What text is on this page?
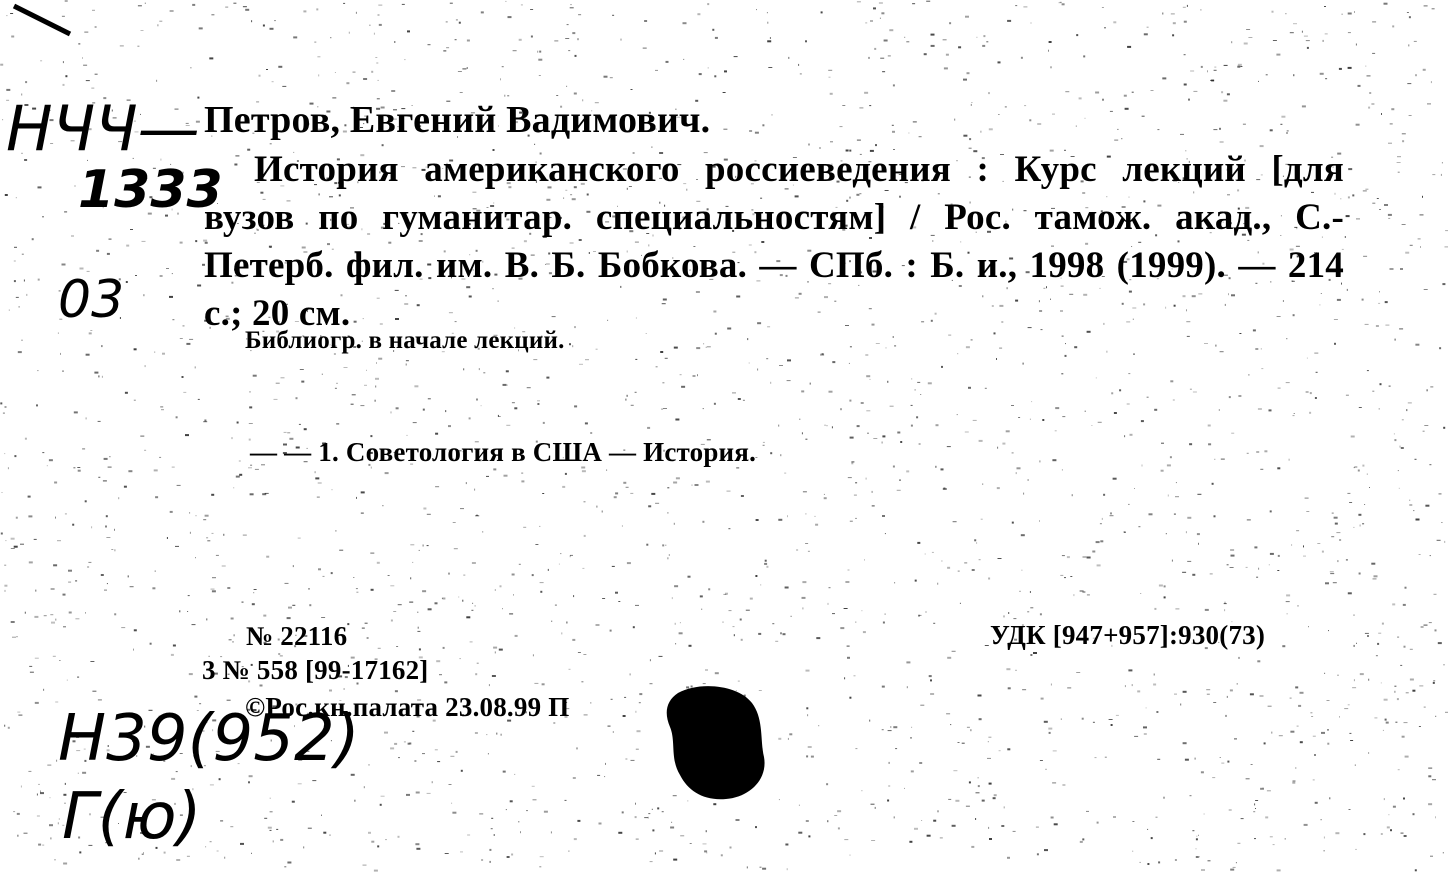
НЧЧ—
1333
03
Петров, Евгений Вадимович.
История американского россиеведения : Курс лекций [для вузов по гуманитар. специальностям] / Рос. тамож. акад., С.-Петерб. фил. им. В. Б. Бобкова. — СПб. : Б. и., 1998 (1999). — 214 с.; 20 см.
Библиогр. в начале лекций.
— — 1. Советология в США — История.
№ 22116
3 № 558 [99-17162]
©Рос.кн.палата 23.08.99 П
УДК [947+957]:930(73)
Н39(952)
Г(ю)
